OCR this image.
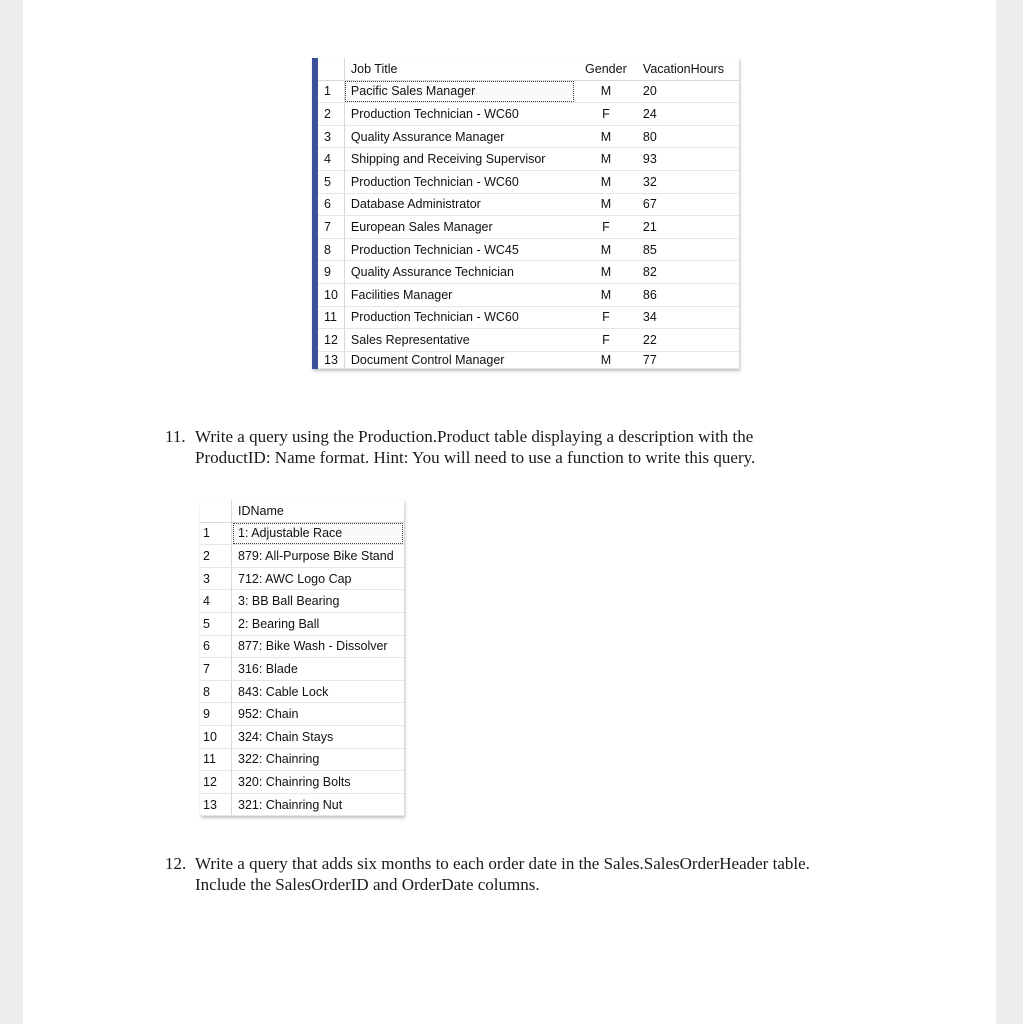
	Job Title	Gender	VacationHours
1	Pacific Sales Manager	M	20
2	Production Technician - WC60	F	24
3	Quality Assurance Manager	M	80
4	Shipping and Receiving Supervisor	M	93
5	Production Technician - WC60	M	32
6	Database Administrator	M	67
7	European Sales Manager	F	21
8	Production Technician - WC45	M	85
9	Quality Assurance Technician	M	82
10	Facilities Manager	M	86
11	Production Technician - WC60	F	34
12	Sales Representative	F	22
13	Document Control Manager	M	77
11. Write a query using the Production.Product table displaying a description with the
ProductID: Name format. Hint: You will need to use a function to write this query.
	IDName
1	1: Adjustable Race
2	879: All-Purpose Bike Stand
3	712: AWC Logo Cap
4	3: BB Ball Bearing
5	2: Bearing Ball
6	877: Bike Wash - Dissolver
7	316: Blade
8	843: Cable Lock
9	952: Chain
10	324: Chain Stays
11	322: Chainring
12	320: Chainring Bolts
13	321: Chainring Nut
12. Write a query that adds six months to each order date in the Sales.SalesOrderHeader table.
Include the SalesOrderID and OrderDate columns.
